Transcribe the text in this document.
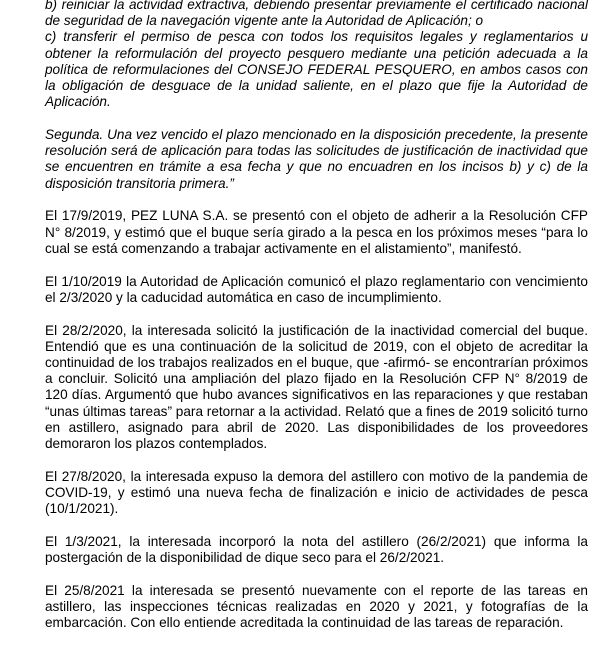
b) reiniciar la actividad extractiva, debiendo presentar previamente el certificado nacional de seguridad de la navegación vigente ante la Autoridad de Aplicación; o

c) transferir el permiso de pesca con todos los requisitos legales y reglamentarios u obtener la reformulación del proyecto pesquero mediante una petición adecuada a la política de reformulaciones del CONSEJO FEDERAL PESQUERO, en ambos casos con la obligación de desguace de la unidad saliente, en el plazo que fije la Autoridad de Aplicación.

Segunda. Una vez vencido el plazo mencionado en la disposición precedente, la presente resolución será de aplicación para todas las solicitudes de justificación de inactividad que se encuentren en trámite a esa fecha y que no encuadren en los incisos b) y c) de la disposición transitoria primera.”

El 17/9/2019, PEZ LUNA S.A. se presentó con el objeto de adherir a la Resolución CFP N° 8/2019, y estimó que el buque sería girado a la pesca en los próximos meses “para lo cual se está comenzando a trabajar activamente en el alistamiento”, manifestó.

El 1/10/2019 la Autoridad de Aplicación comunicó el plazo reglamentario con vencimiento el 2/3/2020 y la caducidad automática en caso de incumplimiento.

El 28/2/2020, la interesada solicitó la justificación de la inactividad comercial del buque. Entendió que es una continuación de la solicitud de 2019, con el objeto de acreditar la continuidad de los trabajos realizados en el buque, que -afirmó- se encontrarían próximos a concluir. Solicitó una ampliación del plazo fijado en la Resolución CFP N° 8/2019 de 120 días. Argumentó que hubo avances significativos en las reparaciones y que restaban “unas últimas tareas” para retornar a la actividad. Relató que a fines de 2019 solicitó turno en astillero, asignado para abril de 2020. Las disponibilidades de los proveedores demoraron los plazos contemplados.

El 27/8/2020, la interesada expuso la demora del astillero con motivo de la pandemia de COVID-19, y estimó una nueva fecha de finalización e inicio de actividades de pesca (10/1/2021).

El 1/3/2021, la interesada incorporó la nota del astillero (26/2/2021) que informa la postergación de la disponibilidad de dique seco para el 26/2/2021.

El 25/8/2021 la interesada se presentó nuevamente con el reporte de las tareas en astillero, las inspecciones técnicas realizadas en 2020 y 2021, y fotografías de la embarcación. Con ello entiende acreditada la continuidad de las tareas de reparación.
